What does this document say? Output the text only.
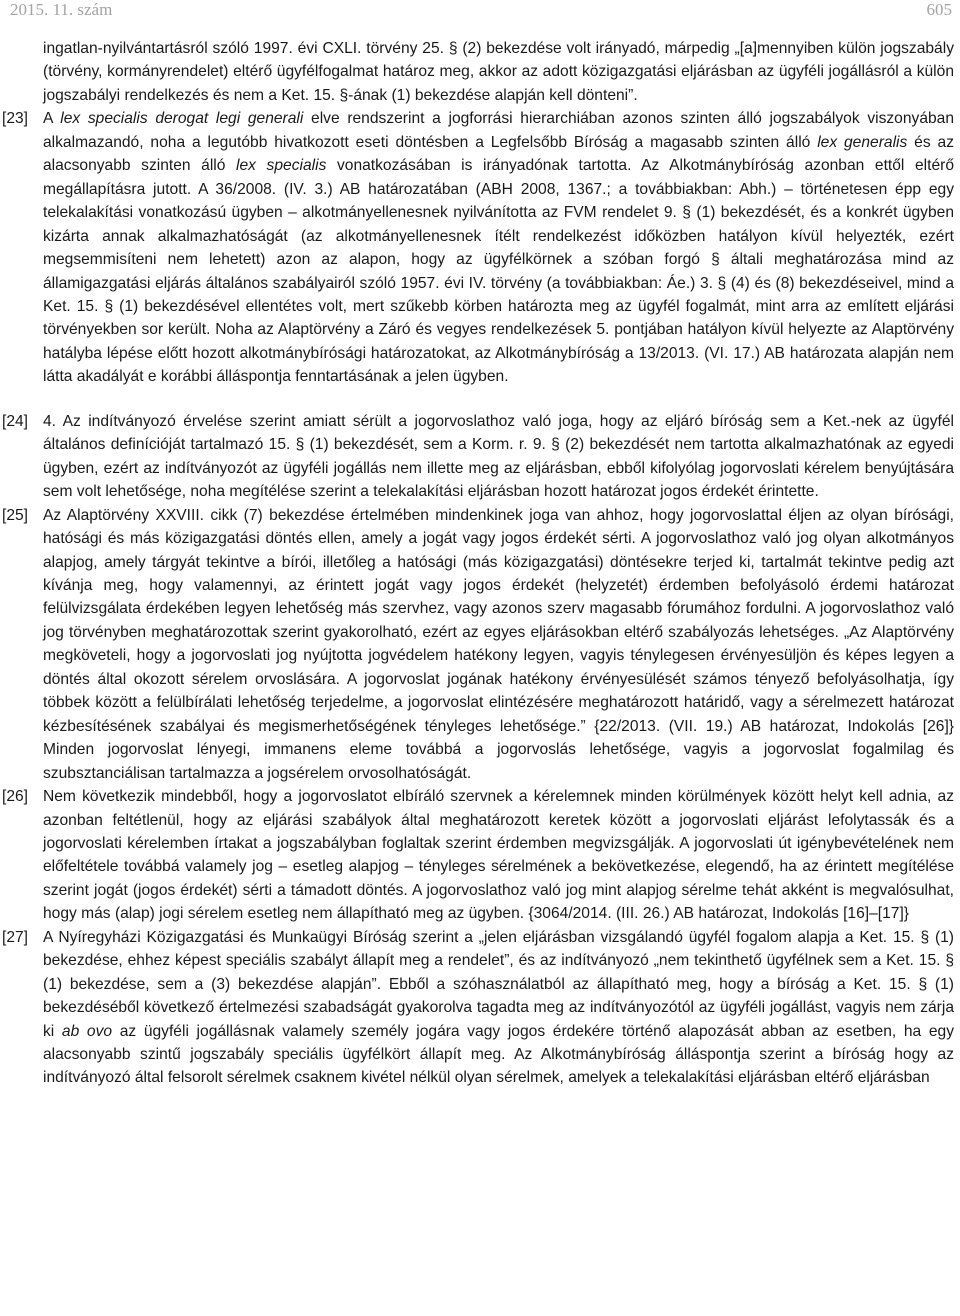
2015. 11. szám	605
ingatlan-nyilvántartásról szóló 1997. évi CXLI. törvény 25. § (2) bekezdése volt irányadó, márpedig „[a]mennyiben külön jogszabály (törvény, kormányrendelet) eltérő ügyfélfogalmat határoz meg, akkor az adott közigazgatási eljárásban az ügyféli jogállásról a külön jogszabályi rendelkezés és nem a Ket. 15. §-ának (1) bekezdése alapján kell dönteni”.
[23] A lex specialis derogat legi generali elve rendszerint a jogforrási hierarchiában azonos szinten álló jogszabályok viszonyában alkalmazandó, noha a legutóbb hivatkozott eseti döntésben a Legfelsőbb Bíróság a magasabb szinten álló lex generalis és az alacsonyabb szinten álló lex specialis vonatkozásában is irányadónak tartotta. Az Alkotmánybíróság azonban ettől eltérő megállapításra jutott. A 36/2008. (IV. 3.) AB határozatában (ABH 2008, 1367.; a továbbiakban: Abh.) – történetesen épp egy telekalakítási vonatkozású ügyben – alkotmányellenesnek nyilvánította az FVM rendelet 9. § (1) bekezdését, és a konkrét ügyben kizárta annak alkalmazhatóságát (az alkotmányellenesnek ítélt rendelkezést időközben hatályon kívül helyezték, ezért megsemmisíteni nem lehetett) azon az alapon, hogy az ügyfélkörnek a szóban forgó § általi meghatározása mind az államigazgatási eljárás általános szabályairól szóló 1957. évi IV. törvény (a továbbiakban: Áe.) 3. § (4) és (8) bekezdéseivel, mind a Ket. 15. § (1) bekezdésével ellentétes volt, mert szűkebb körben határozta meg az ügyfél fogalmát, mint arra az említett eljárási törvényekben sor került. Noha az Alaptörvény a Záró és vegyes rendelkezések 5. pontjában hatályon kívül helyezte az Alaptörvény hatályba lépése előtt hozott alkotmánybírósági határozatokat, az Alkotmánybíróság a 13/2013. (VI. 17.) AB határozata alapján nem látta akadályát e korábbi álláspontja fenntartásának a jelen ügyben.
[24] 4. Az indítványozó érvelése szerint amiatt sérült a jogorvoslathoz való joga, hogy az eljáró bíróság sem a Ket.-nek az ügyfél általános definícióját tartalmazó 15. § (1) bekezdését, sem a Korm. r. 9. § (2) bekezdését nem tartotta alkalmazhatónak az egyedi ügyben, ezért az indítványozót az ügyféli jogállás nem illette meg az eljárásban, ebből kifolyólag jogorvoslati kérelem benyújtására sem volt lehetősége, noha megítélése szerint a telekalakítási eljárásban hozott határozat jogos érdekét érintette.
[25] Az Alaptörvény XXVIII. cikk (7) bekezdése értelmében mindenkinek joga van ahhoz, hogy jogorvoslattal éljen az olyan bírósági, hatósági és más közigazgatási döntés ellen, amely a jogát vagy jogos érdekét sérti. A jogorvoslathoz való jog olyan alkotmányos alapjog, amely tárgyát tekintve a bírói, illetőleg a hatósági (más közigazgatási) döntésekre terjed ki, tartalmát tekintve pedig azt kívánja meg, hogy valamennyi, az érintett jogát vagy jogos érdekét (helyzetét) érdemben befolyásoló érdemi határozat felülvizsgálata érdekében legyen lehetőség más szervhez, vagy azonos szerv magasabb fórumához fordulni. A jogorvoslathoz való jog törvényben meghatározottak szerint gyakorolható, ezért az egyes eljárásokban eltérő szabályozás lehetséges. „Az Alaptörvény megköveteli, hogy a jogorvoslati jog nyújtotta jogvédelem hatékony legyen, vagyis ténylegesen érvényesüljön és képes legyen a döntés által okozott sérelem orvoslására. A jogorvoslat jogának hatékony érvényesülését számos tényező befolyásolhatja, így többek között a felülbírálati lehetőség terjedelme, a jogorvoslat elintézésére meghatározott határidő, vagy a sérelmezett határozat kézbesítésének szabályai és megismerhetőségének tényleges lehetősége.” {22/2013. (VII. 19.) AB határozat, Indokolás [26]} Minden jogorvoslat lényegi, immanens eleme továbbá a jogorvoslás lehetősége, vagyis a jogorvoslat fogalmilag és szubsztanciálisan tartalmazza a jogsérelem orvosolhatóságát.
[26] Nem következik mindebből, hogy a jogorvoslatot elbíráló szervnek a kérelemnek minden körülmények között helyt kell adnia, az azonban feltétlenül, hogy az eljárási szabályok által meghatározott keretek között a jogorvoslati eljárást lefolytassák és a jogorvoslati kérelemben írtakat a jogszabályban foglaltak szerint érdemben megvizsgálják. A jogorvoslati út igénybevételének nem előfeltétele továbbá valamely jog – esetleg alapjog – tényleges sérelmének a bekövetkezése, elegendő, ha az érintett megítélése szerint jogát (jogos érdekét) sérti a támadott döntés. A jogorvoslathoz való jog mint alapjog sérelme tehát akként is megvalósulhat, hogy más (alap) jogi sérelem esetleg nem állapítható meg az ügyben. {3064/2014. (III. 26.) AB határozat, Indokolás [16]–[17]}
[27] A Nyíregyházi Közigazgatási és Munkaügyi Bíróság szerint a „jelen eljárásban vizsgálandó ügyfél fogalom alapja a Ket. 15. § (1) bekezdése, ehhez képest speciális szabályt állapít meg a rendelet”, és az indítványozó „nem tekinthető ügyfélnek sem a Ket. 15. § (1) bekezdése, sem a (3) bekezdése alapján”. Ebből a szóhasználatból az állapítható meg, hogy a bíróság a Ket. 15. § (1) bekezdéséből következő értelmezési szabadságát gyakorolva tagadta meg az indítványozótól az ügyféli jogállást, vagyis nem zárja ki ab ovo az ügyféli jogállásnak valamely személy jogára vagy jogos érdekére történő alapozását abban az esetben, ha egy alacsonyabb szintű jogszabály speciális ügyfélkört állapít meg. Az Alkotmánybíróság álláspontja szerint a bíróság hogy az indítványozó által felsorolt sérelmek csaknem kivétel nélkül olyan sérelmek, amelyek a telekalakítási eljárásban eltérő eljárásban
